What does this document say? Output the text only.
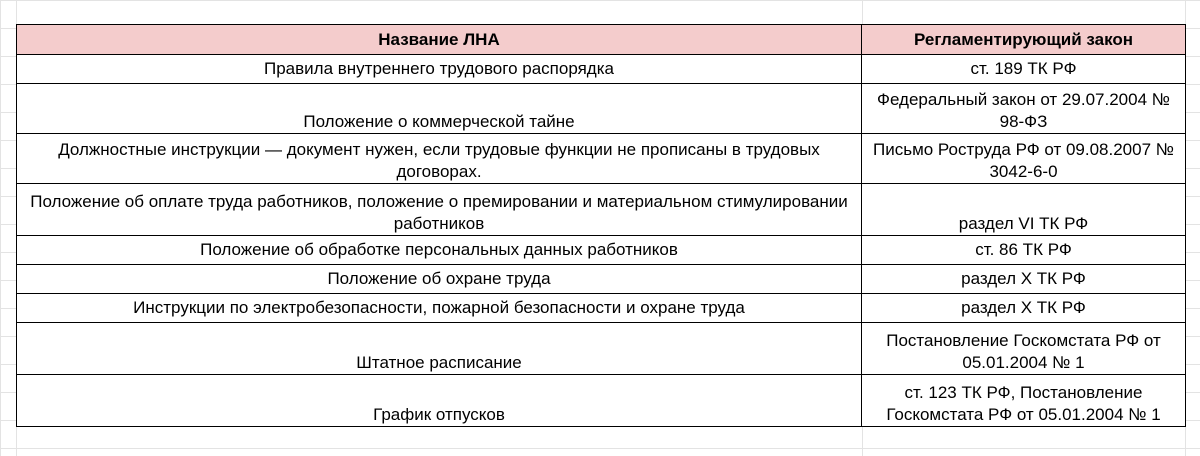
Название ЛНА	Регламентирующий закон
Правила внутреннего трудового распорядка	ст. 189 ТК РФ
Положение о коммерческой тайне	Федеральный закон от 29.07.2004 № 98-ФЗ
Должностные инструкции — документ нужен, если трудовые функции не прописаны в трудовых договорах.	Письмо Роструда РФ от 09.08.2007 № 3042-6-0
Положение об оплате труда работников, положение о премировании и материальном стимулировании работников	раздел VI ТК РФ
Положение об обработке персональных данных работников	ст. 86 ТК РФ
Положение об охране труда	раздел X ТК РФ
Инструкции по электробезопасности, пожарной безопасности и охране труда	раздел X ТК РФ
Штатное расписание	Постановление Госкомстата РФ от 05.01.2004 № 1
График отпусков	ст. 123 ТК РФ, Постановление Госкомстата РФ от 05.01.2004 № 1
